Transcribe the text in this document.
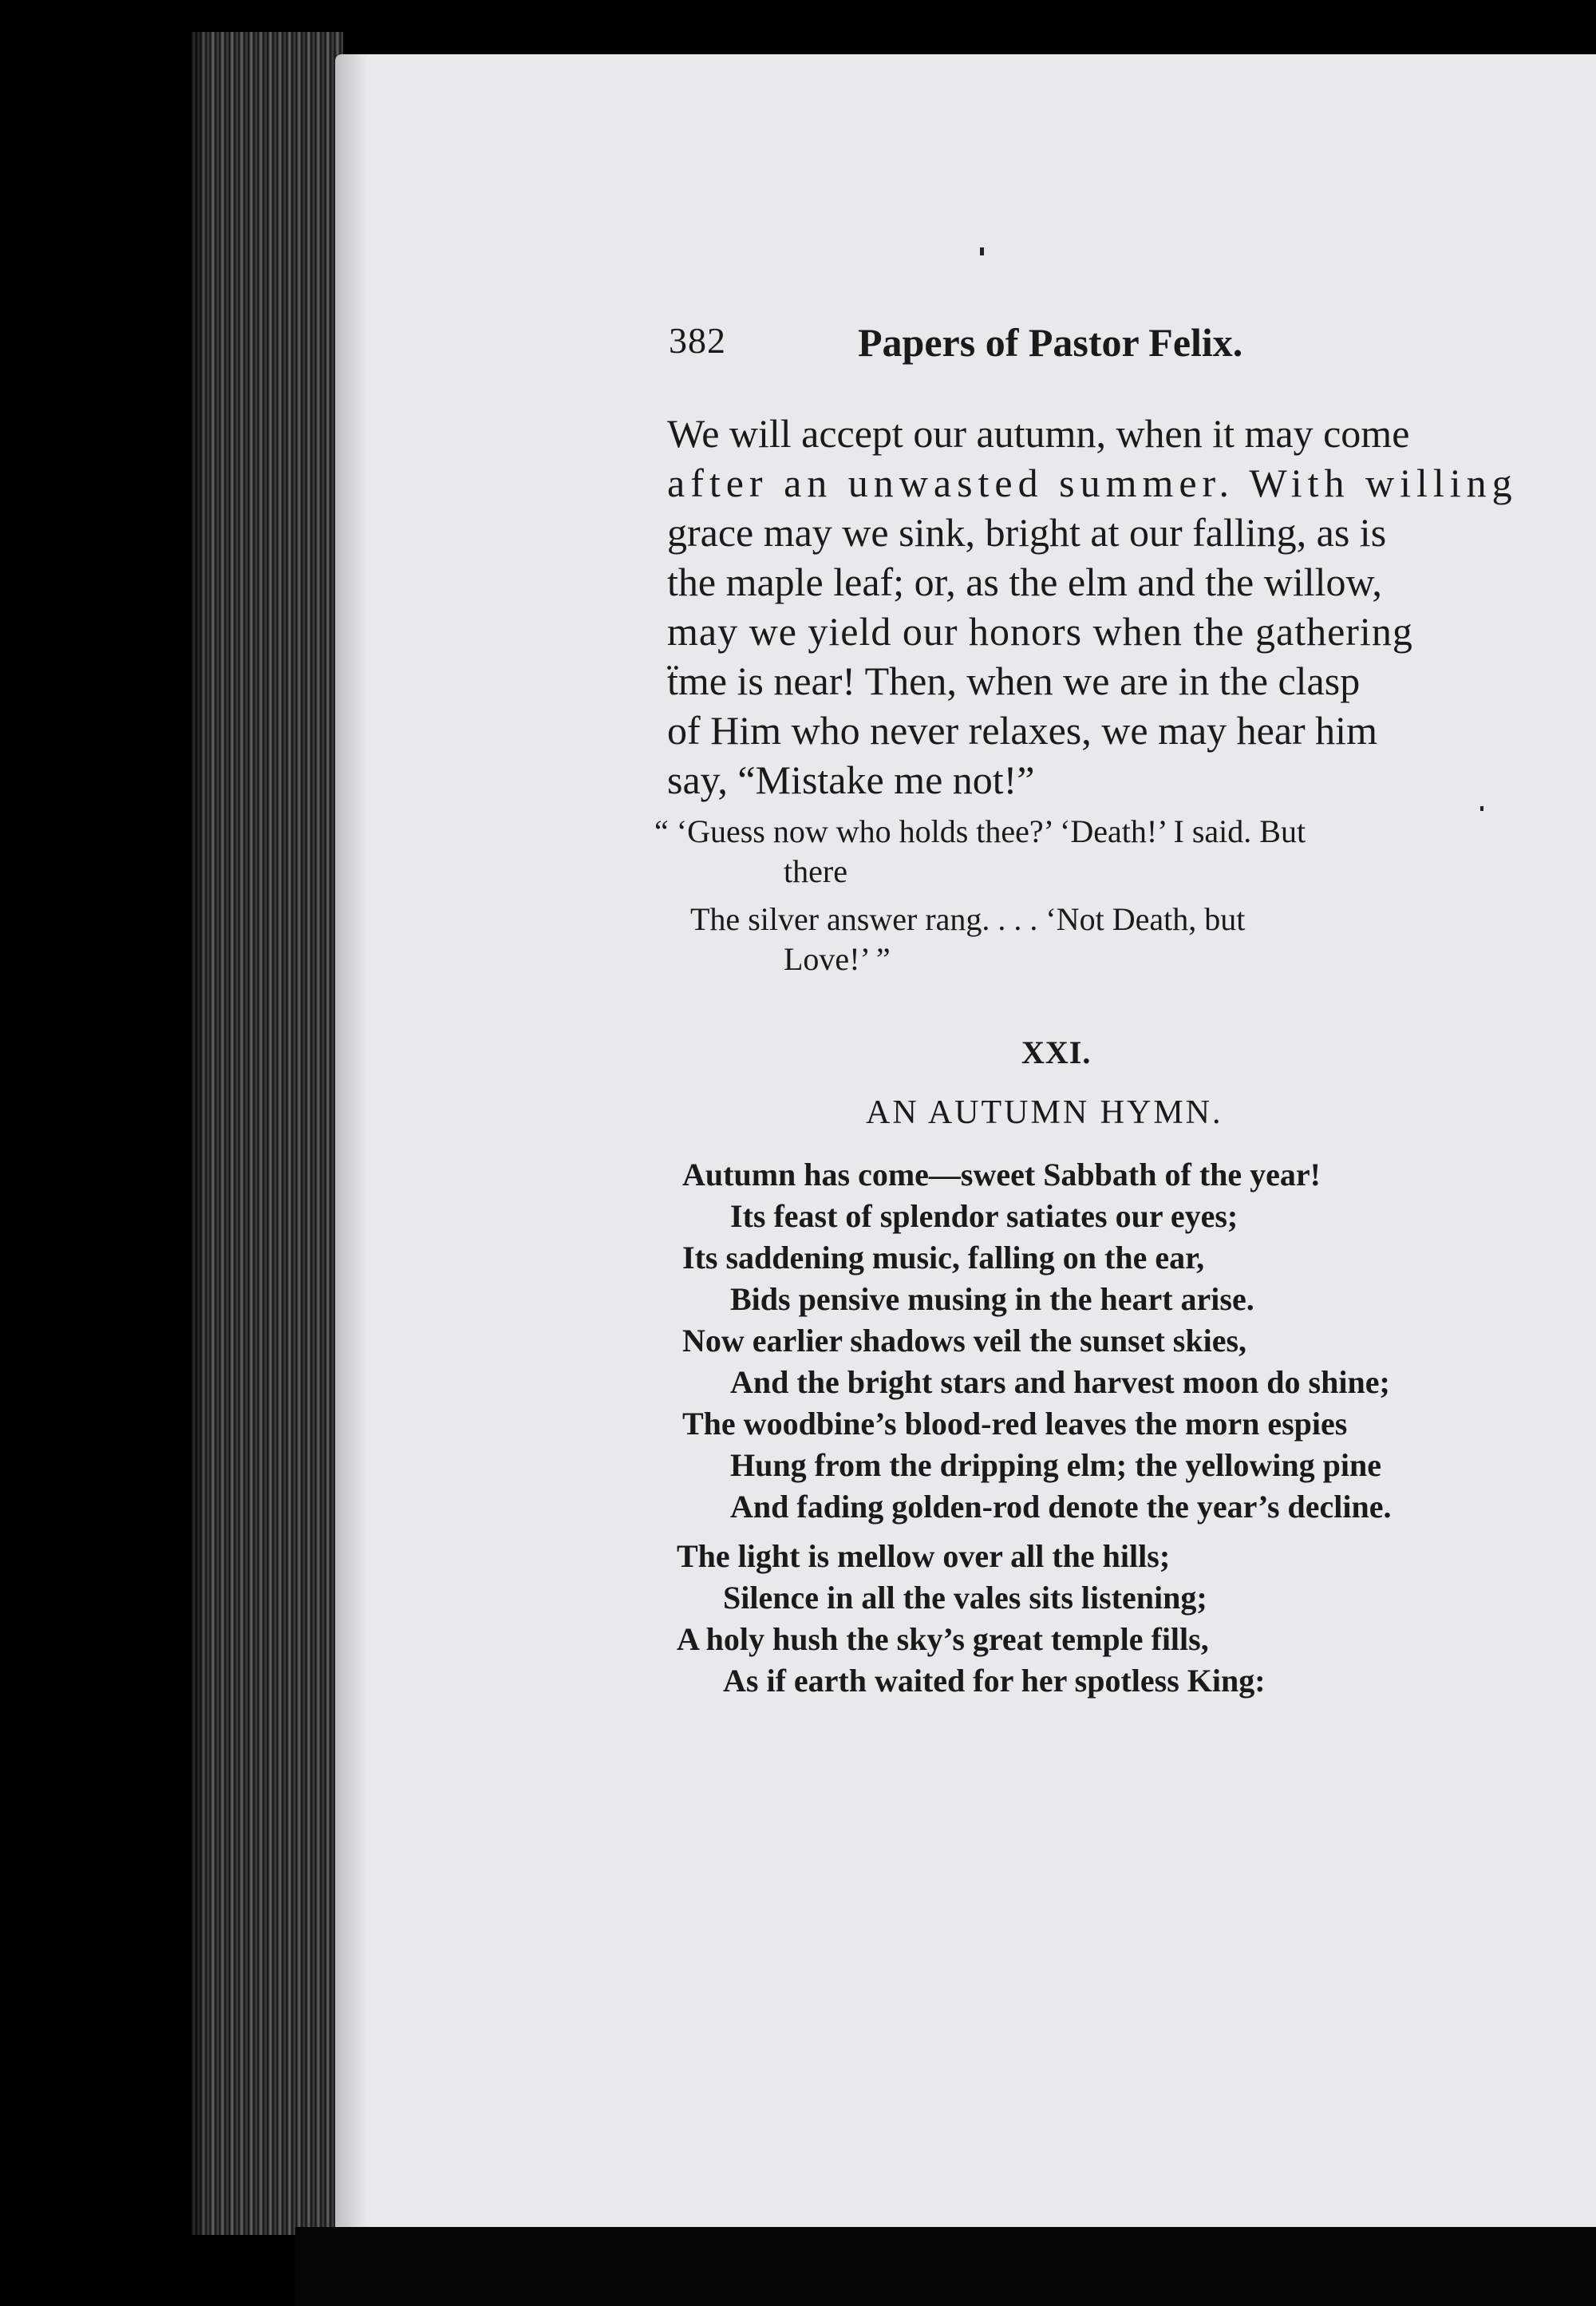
382	Papers of Pastor Felix.
We will accept our autumn, when it may come
after an unwasted summer. With willing
grace may we sink, bright at our falling, as is
the maple leaf; or, as the elm and the willow,
may we yield our honors when the gathering
ẗme is near! Then, when we are in the clasp
of Him who never relaxes, we may hear him
say, “Mistake me not!”
“ ‘Guess now who holds thee?’ ‘Death!’ I said. But
there
The silver answer rang. . . . ‘Not Death, but
Love!’ ”
XXI.
AN AUTUMN HYMN.
Autumn has come—sweet Sabbath of the year!
Its feast of splendor satiates our eyes;
Its saddening music, falling on the ear,
Bids pensive musing in the heart arise.
Now earlier shadows veil the sunset skies,
And the bright stars and harvest moon do shine;
The woodbine’s blood-red leaves the morn espies
Hung from the dripping elm; the yellowing pine
And fading golden-rod denote the year’s decline.
The light is mellow over all the hills;
Silence in all the vales sits listening;
A holy hush the sky’s great temple fills,
As if earth waited for her spotless King:
